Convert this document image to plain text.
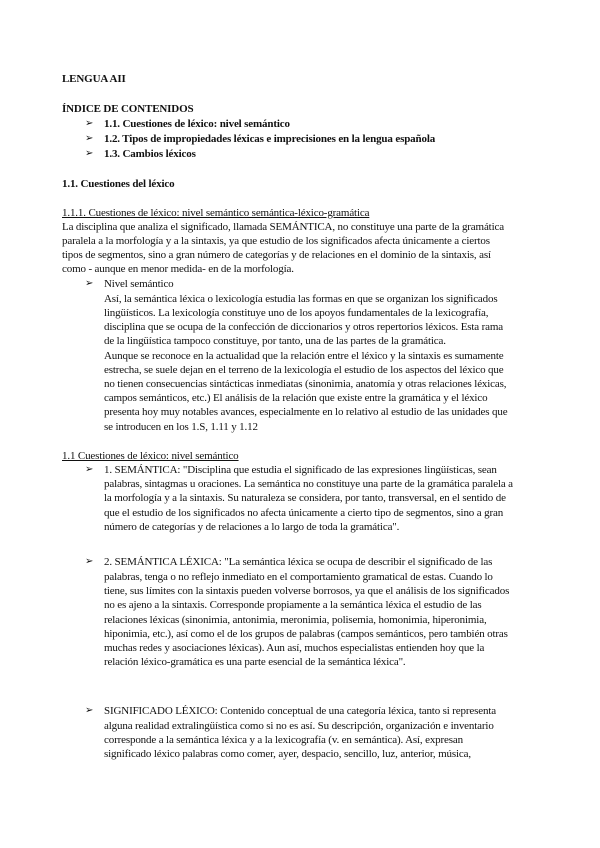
LENGUA AII
ÍNDICE DE CONTENIDOS
➢ 1.1. Cuestiones de léxico: nivel semántico
➢ 1.2. Tipos de impropiedades léxicas e imprecisiones en la lengua española
➢ 1.3. Cambios léxicos
1.1. Cuestiones del léxico
1.1.1. Cuestiones de léxico: nivel semántico semántica-léxico-gramática
La disciplina que analiza el significado, llamada SEMÁNTICA, no constituye una parte de la gramática
paralela a la morfología y a la sintaxis, ya que estudio de los significados afecta únicamente a ciertos
tipos de segmentos, sino a gran número de categorías y de relaciones en el dominio de la sintaxis, así
como - aunque en menor medida- en de la morfología.
➢ Nivel semántico
Así, la semántica léxica o lexicología estudia las formas en que se organizan los significados
lingüísticos. La lexicología constituye uno de los apoyos fundamentales de la lexicografía,
disciplina que se ocupa de la confección de diccionarios y otros repertorios léxicos. Esta rama
de la lingüística tampoco constituye, por tanto, una de las partes de la gramática.
Aunque se reconoce en la actualidad que la relación entre el léxico y la sintaxis es sumamente
estrecha, se suele dejan en el terreno de la lexicología el estudio de los aspectos del léxico que
no tienen consecuencias sintácticas inmediatas (sinonimia, anatomía y otras relaciones léxicas,
campos semánticos, etc.) El análisis de la relación que existe entre la gramática y el léxico
presenta hoy muy notables avances, especialmente en lo relativo al estudio de las unidades que
se introducen en los 1.S, 1.11 y 1.12
1.1 Cuestiones de léxico: nivel semántico
➢ 1. SEMÁNTICA: "Disciplina que estudia el significado de las expresiones lingüísticas, sean
palabras, sintagmas u oraciones. La semántica no constituye una parte de la gramática paralela a
la morfología y a la sintaxis. Su naturaleza se considera, por tanto, transversal, en el sentido de
que el estudio de los significados no afecta únicamente a cierto tipo de segmentos, sino a gran
número de categorías y de relaciones a lo largo de toda la gramática".
➢ 2. SEMÁNTICA LÉXICA: "La semántica léxica se ocupa de describir el significado de las
palabras, tenga o no reflejo inmediato en el comportamiento gramatical de estas. Cuando lo
tiene, sus límites con la sintaxis pueden volverse borrosos, ya que el análisis de los significados
no es ajeno a la sintaxis. Corresponde propiamente a la semántica léxica el estudio de las
relaciones léxicas (sinonimia, antonimia, meronimia, polisemia, homonimia, hiperonimia,
hiponimia, etc.), así como el de los grupos de palabras (campos semánticos, pero también otras
muchas redes y asociaciones léxicas). Aun así, muchos especialistas entienden hoy que la
relación léxico-gramática es una parte esencial de la semántica léxica".
➢ SIGNIFICADO LÉXICO: Contenido conceptual de una categoría léxica, tanto si representa
alguna realidad extralingüística como si no es así. Su descripción, organización e inventario
corresponde a la semántica léxica y a la lexicografía (v. en semántica). Así, expresan
significado léxico palabras como comer, ayer, despacio, sencillo, luz, anterior, música,
